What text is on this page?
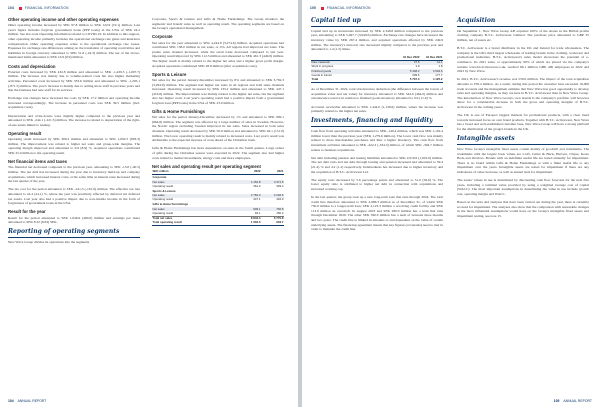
104	FINANCIAL INFORMATION
Other operating income and other operating expenses

Other operating income increased by SEK 97.8 million to SEK 122.9 (19.1) million. Last year's figure includes forgiven government loans (PPP loans) in the USA of SEK 24.2 million. See also note Operating information related to COVID-19. In addition to this support, other operating income primarily includes the operational exchange rate gains and insurance compensation. Other operating expenses relate to the operational exchange rate losses. Expenses for exchange rate differences arising on the translation of operating receivables and liabilities in foreign currency amounted to SEK 51.6 (-24.3) million. The net of the above-mentioned items amounted to SEK 16.9 (0.9) million.

Costs and depreciation

External costs increased by SEK 432.8 million and amounted to SEK -1,439.5 (-1,007.7) million. The increase was mainly due to volume-related costs but also higher marketing activities. Personnel costs increased by SEK 333.6 million and amounted to SEK -1,205.1 (-871.5) million. The year's increase is mainly due to setting more staff in previous years and that the business had new staff for its services.

Exchange rate changes have increased the costs by SEK 17.2 million and operating income increased correspondingly. The increase in personnel costs was SEK 39.5 million (incl. acquisition costs).

Depreciation and write-downs were slightly higher compared to the previous year and amounted to SEK -244.1 (-221.5) million. The increase is related to depreciation of the right-of-use assets linked to leasing.

Operating result

Operating result increased by SEK 309.2 million and amounted to SEK 1,002.5 (693.3) million. The improvement was related to higher net sales and group-wide margins. The operating margin improved and amounted to 9.9 (8.9) %. Acquired operations contributed SEK 25.0 million to the operating result.

Net financial items and taxes

The financial net decreased compared to the previous year, amounting to SEK -15.0 (-40.5) million. The net debt has increased during the year due to inventory build-up and company acquisitions, which increased interest costs, at the same time as interest rates increased during the last quarter of the year.

The tax cost for the period amounted to SEK -241.3 (-161.9) million. The effective tax rate amounted to 24.4 (24.1) %, where the year was positively affected by deferred tax deferred tax assets. Last year also had a positive impact due to non-taxable income in the form of forgiveness of government loans in the USA.

Result for the year

Result for the period amounted to SEK 1,046.9 (460.0) million and earnings per share amounted to SEK 8.32 (6.63) SEK.

Reporting of operating segments

New Wave Group divides its operations into the segments

Corporate, Sports & Leisure and Gifts & Home Furnishings. The Group monitors the segments' and brands' sales as well as operating result. The operating segments are based on the Group's operational management.

Corporate

Net sales for the year amounted to SEK 4,244.8 (3,274.6) million. Acquired operations had contributed SEK 138.0 million in net sales, or 4%. All regions had improved net sales. The promo sales channel increased, while the retail trade decreased compared to last year. Operating result improved by SEK 112.3 million and amounted to SEK 461.3 (449.0) million. The higher result is mainly related to the higher net sales and a higher gross profit margin. Acquired operations contributed SEK 28.8 million (after acquisition costs).

Sports & Leisure

Net sales for the period January-December increased by 8% and amounted to SEK 3,782.3 (3,294.9) million. The segment had higher net sales in all regions and both sales channels increased. Operating result increased by SEK 133.2 million and amounted to SEK 447.1 (416.8) million. The improvement was mainly related to the higher net sales, but the segment also has higher costs. Last year's operating result had a positive impact from a government forgiven loan (PPP loans) in the USA of SEK 23.0 million.

Gifts & Home Furnishings

Net sales for the period January-December decreased by 1% and amounted to SEK 909.1 (864.8) million. The segment was affected by a large number of sales in Sweden. However, the Nordic region excluding Sweden improved its net sales. Sales increased in both sales channels. Operating result decreased by SEK 56.9 million and amounted to SEK 94.1 (151.0) million. The lower operating result is mainly related to increased costs. Last year's result was attributable to the expected increase of costs ahead of the Christmas trade.

Gifts & Home Furnishings has more dependence on sales in the fourth quarter. Large orders of gifts during the Christmas season were executed in 2022. The segment also had higher costs related to market investments, energy costs and more employees.

Net sales and operating result per operating segment
SEK million	2022	2021
Corporate		
Net sales	4 152.8	3 371.5
Operating result	461.3	349.4
Sports & Leisure		
Net sales	3 782.3	3 292.5
Operating result	447.1	404.0
Gifts & Home Furnishings		
Net sales	909.1	766.8
Operating result	94.1	150.4
Total net sales	8 843.4	6 770.8
Total operating result	1 002.5	903.7
104 ANNUAL REPORT
105	FINANCIAL INFORMATION
Capital tied up

Capital tied up in inventories increased by SEK 2,348.8 million compared to the previous year, amounting to SEK 5,497.7 (3,949.0) million. Exchange rate changes have increased the inventory value by SEK 267.4 million, and acquired operations affected by SEK 249.9 million. The inventory's turnover rate decreased slightly compared to the previous year and amounted to 1.4 (1.5) times.

	31 Dec 2022	31 Dec 2021
Raw materials	47.6	41.1
Work in progress	1.9	1.8
Finished goods	5 448.2	3 904.6
Goods in transit	299.6	177.7
Total	5 797.3	4 125.2

As of December 31, 2022, total obsolescence deduction (the difference between the lowest of acquisition value and net value) for inventory amounted to SEK 544.6 (464.0) million and obsolescence reserve in relation to finished goods inventory amounted to 9.9 (11.9) %.

Accounts receivable amounted to SEK 1,444.0 (1,139.6) million, where the increase was primarily related to the higher net sales.

Investments, financing and liquidity

Cash flow from operating activities amounted to SEK -149.4 million, which was SEK 1,102.4 million lower than the previous year (SEK 1,279.6 million). The lower cash flow was mainly related to more merchandise purchases and thus a higher inventory. The cash flow from investment activities amounted to SEK -422.2 (-334.3) million, of which SEK -394.7 million relates to business acquisitions.

Net debt including pension and leasing liabilities amounted to SEK 2,919.6 (1,819.0) million. The net debt ratio and net debt through leasing and pension increased and amounted to 59.4 (21.4) % and 4.2 (1.2) respectively. Indebtedness has increased due to higher inventory and the acquisition of B.T.C. Activewear Ltd.

The equity ratio decreased by 5.6 percentage points and amounted to 51.0 (56.6) %. The lower equity ratio is attributed to higher net debt in connection with acquisitions and increased working cap.

In the last quarter, the group took up a new long-term loan that runs through 2024. The total credit line therefore amounted to SEK 2,986.3 million as of December 31, of which SEK 750.0 million is a longer-term loan, SEK 2,123.3 million a revolving credit facility and SEK 113.0 million an overdraft. In August 2023 and SEK 280.0 million has a term that runs through December 2026. The other SEK 590.0 million has a term of between three months and two years. The credit line is limited in amounts to and dependent on the value of certain underlying assets. The financing agreement means that key figures (covenants) need to met in order to maintain the credit line.

Acquisition

On September 1, New Wave Group AB acquired 100% of the shares in the British profile clothing company B.T.C. Activewear Limited. The purchase price amounted to GBP 35 million, net of assets etc.

B.T.C. Activewear is a brand distributor in the UK and Ireland for trade wholesalers. The company is the UK's third largest wholesaler of leading brands in the clothing, workwear and promotional industries. B.T.C. Activewear's sales model showcases the potential of e-commerce. Its 2021 sales, or approximately 90% of which are placed via the company's website www.btcactivewear.co.uk, reached 66.1 million GBP, 400 employees in 2022 and 2023 by New Wave.

In 2021, B.T.C. Activewear's revenue was £59.0 million. The impact of the total acquisition amounts to £58.4 million. As a result, during this period the customer base exceeded 16,000 trade accounts and the management estimate that New Wave has good opportunity to develop sales and operating margins, as they are here in B.T.C. Activewear than in New Wave Group. The introduction of New Wave Group's own brands is the company's portfolio will however allow for a considerable increase in both the gross and operating margins of B.T.C. Activewear in the coming years.

The UK is one of Europe's biggest markets for promotional products, with a clear trend towards increased focus on own brand products. Together with B.T.C. Activewear, New Wave has a broad and well-established customer base, New Wave Group will have a strong platform for the distribution of the group's brands in the UK.

Intangible assets

New Wave Group's intangible fixed assets consist mainly of goodwill and trademarks. The trademarks with the largest book values are Craft, Cutter & Buck, Harvest, Clique, Kosta Boda and Orrefors. Brands with an indefinite useful life are tested annually for impairment. There is no brand within Gifts & Home Furnishings or with a finite useful life or any impairment over the years. Intangible assets are tested for impairment if there are any indications of value decrease, as well as annual tests for impairment.

The assets' values in use is determined by discounting cash flow forecasts for the next five years, including a terminal value provided by using a weighted average cost of capital (WACC). The most important assumptions in determining the value in use include growth rate, operating margin and WACC.

Based on the tests and analyses that have been carried out during the year, there is currently no need for impairment. The analyses also show that the comparison with reasonable changes in the most influential assumptions would have on the Group's intangible fixed assets and impairment testing, see note 15.

105 ANNUAL REPORT
